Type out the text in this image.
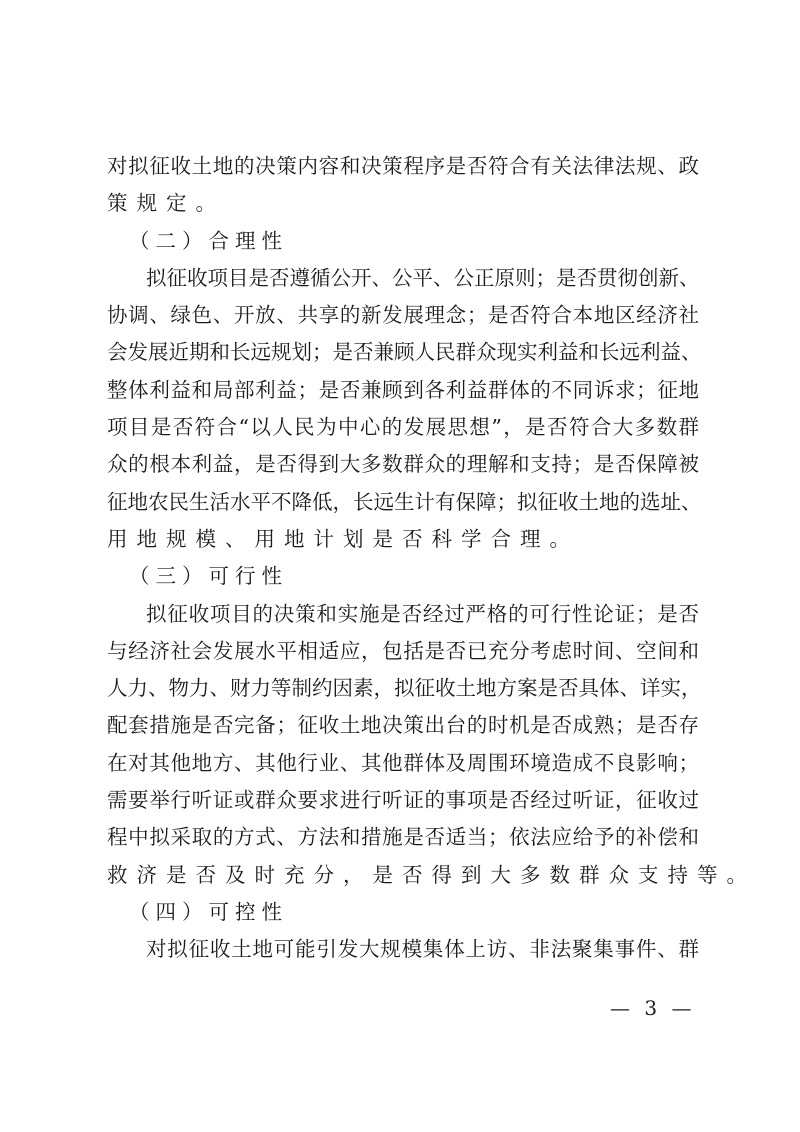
对拟征收土地的决策内容和决策程序是否符合有关法律法规、政
策规定。
（二）合理性
拟征收项目是否遵循公开、公平、公正原则；是否贯彻创新、
协调、绿色、开放、共享的新发展理念；是否符合本地区经济社
会发展近期和长远规划；是否兼顾人民群众现实利益和长远利益、
整体利益和局部利益；是否兼顾到各利益群体的不同诉求；征地
项目是否符合“以人民为中心的发展思想”，是否符合大多数群
众的根本利益，是否得到大多数群众的理解和支持；是否保障被
征地农民生活水平不降低，长远生计有保障；拟征收土地的选址、
用地规模、用地计划是否科学合理。
（三）可行性
拟征收项目的决策和实施是否经过严格的可行性论证；是否
与经济社会发展水平相适应，包括是否已充分考虑时间、空间和
人力、物力、财力等制约因素，拟征收土地方案是否具体、详实，
配套措施是否完备；征收土地决策出台的时机是否成熟；是否存
在对其他地方、其他行业、其他群体及周围环境造成不良影响；
需要举行听证或群众要求进行听证的事项是否经过听证，征收过
程中拟采取的方式、方法和措施是否适当；依法应给予的补偿和
救济是否及时充分，是否得到大多数群众支持等。
（四）可控性
对拟征收土地可能引发大规模集体上访、非法聚集事件、群
— 3 —
